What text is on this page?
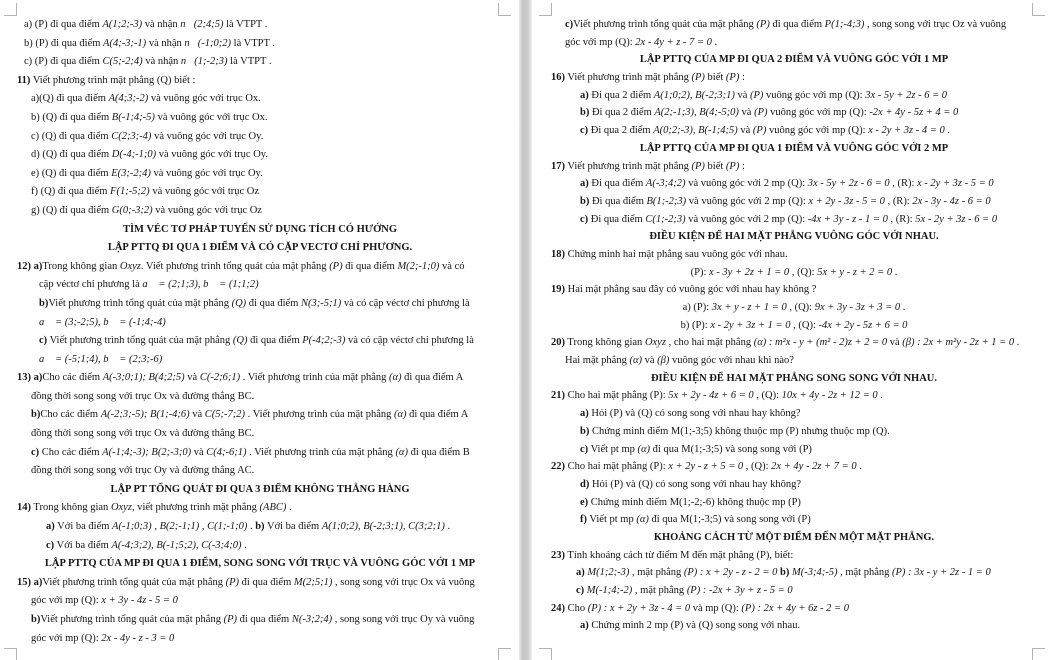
a) (P) đi qua điểm A(1;2;-3) và nhận n⃗(2;4;5) là VTPT .
b) (P) đi qua điểm A(4;-3;-1) và nhận n⃗(-1;0;2) là VTPT .
c) (P) đi qua điểm C(5;-2;4) và nhận n⃗(1;-2;3) là VTPT .
11) Viết phương trình mặt phẳng (Q) biết :
a)(Q) đi qua điểm A(4;3;-2) và vuông góc với trục Ox.
b) (Q) đi qua điểm B(-1;4;-5) và vuông góc với trục Ox.
c) (Q) đi qua điểm C(2;3;-4) và vuông góc với trục Oy.
d) (Q) đi qua điểm D(-4;-1;0) và vuông góc với trục Oy.
e) (Q) đi qua điểm E(3;-2;4) và vuông góc với trục Oy.
f) (Q) đi qua điểm F(1;-5;2) và vuông góc với trục Oz
g) (Q) đi qua điểm G(0;-3;2) và vuông góc với trục Oz
TÌM VÉC TƠ PHÁP TUYẾN SỬ DỤNG TÍCH CÓ HƯỚNG
LẬP PTTQ ĐI QUA 1 ĐIỂM VÀ CÓ CẶP VECTƠ CHỈ PHƯƠNG.
12) a)Trong không gian Oxyz. Viết phương trình tổng quát của mặt phẳng (P) đi qua điểm M(2;-1;0) và có
cặp véctơ chỉ phương là a⃗ = (2;1;3), b⃗ = (1;1;2)
b)Viết phương trình tổng quát của mặt phẳng (Q) đi qua điểm N(3;-5;1) và có cặp véctơ chỉ phương là
a⃗ = (3;-2;5), b⃗ = (-1;4;-4)
c) Viết phương trình tổng quát của mặt phẳng (Q) đi qua điểm P(-4;2;-3) và có cặp véctơ chỉ phương là
a⃗ = (-5;1;4), b⃗ = (2;3;-6)
13) a)Cho các điểm A(-3;0;1); B(4;2;5) và C(-2;6;1) . Viết phương trình của mặt phẳng (α) đi qua điểm A
đồng thời song song với trục Ox và đường thẳng BC.
b)Cho các điểm A(-2;3;-5); B(1;-4;6) và C(5;-7;2) . Viết phương trình của mặt phẳng (α) đi qua điểm A
đồng thời song song với trục Ox và đường thẳng BC.
c) Cho các điểm A(-1;4;-3); B(2;-3;0) và C(4;-6;1) . Viết phương trình của mặt phẳng (α) đi qua điểm B
đồng thời song song với trục Oy và đường thẳng AC.
LẬP PT TỔNG QUÁT ĐI QUA 3 ĐIỂM KHÔNG THẲNG HÀNG
14) Trong không gian Oxyz, viết phương trình mặt phẳng (ABC) .
a) Với ba điểm A(-1;0;3) , B(2;-1;1) , C(1;-1;0) . b) Với ba điểm A(1;0;2), B(-2;3;1), C(3;2;1) .
c) Với ba điểm A(-4;3;2), B(-1;5;2), C(-3;4;0) .
LẬP PTTQ CỦA MP ĐI QUA 1 ĐIỂM, SONG SONG VỚI TRỤC VÀ VUÔNG GÓC VỚI 1 MP
15) a)Viết phương trình tổng quát của mặt phẳng (P) đi qua điểm M(2;5;1) , song song với trục Ox và vuông
góc với mp (Q): x + 3y - 4z - 5 = 0
b)Viết phương trình tổng quát của mặt phẳng (P) đi qua điểm N(-3;2;4) , song song với trục Oy và vuông
góc với mp (Q): 2x - 4y - z - 3 = 0
c)Viết phương trình tổng quát của mặt phẳng (P) đi qua điểm P(1;-4;3) , song song với trục Oz và vuông
góc với mp (Q): 2x - 4y + z - 7 = 0 .
LẬP PTTQ CỦA MP ĐI QUA 2 ĐIỂM VÀ VUÔNG GÓC VỚI 1 MP
16) Viết phương trình mặt phẳng (P) biết (P) :
a) Đi qua 2 điểm A(1;0;2), B(-2;3;1) và (P) vuông góc với mp (Q): 3x - 5y + 2z - 6 = 0
b) Đi qua 2 điểm A(2;-1;3), B(4;-5;0) và (P) vuông góc với mp (Q): -2x + 4y - 5z + 4 = 0
c) Đi qua 2 điểm A(0;2;-3), B(-1;4;5) và (P) vuông góc với mp (Q): x - 2y + 3z - 4 = 0 .
LẬP PTTQ CỦA MP ĐI QUA 1 ĐIỂM VÀ VUÔNG GÓC VỚI 2 MP
17) Viết phương trình mặt phẳng (P) biết (P) :
a) Đi qua điểm A(-3;4;2) và vuông góc với 2 mp (Q): 3x - 5y + 2z - 6 = 0 , (R): x - 2y + 3z - 5 = 0
b) Đi qua điểm B(1;-2;3) và vuông góc với 2 mp (Q): x + 2y - 3z - 5 = 0 , (R): 2x - 3y - 4z - 6 = 0
c) Đi qua điểm C(1;-2;3) và vuông góc với 2 mp (Q): -4x + 3y - z - 1 = 0 , (R): 5x - 2y + 3z - 6 = 0
ĐIỀU KIỆN ĐỂ HAI MẶT PHẲNG VUÔNG GÓC VỚI NHAU.
18) Chứng minh hai mặt phẳng sau vuông góc với nhau.
(P): x - 3y + 2z + 1 = 0 , (Q): 5x + y - z + 2 = 0 .
19) Hai mặt phẳng sau đây có vuông góc với nhau hay không ?
a) (P): 3x + y - z + 1 = 0 , (Q): 9x + 3y - 3z + 3 = 0 .
b) (P): x - 2y + 3z + 1 = 0 , (Q): -4x + 2y - 5z + 6 = 0
20) Trong không gian Oxyz , cho hai mặt phẳng (α) : m²x - y + (m² - 2)z + 2 = 0 và (β) : 2x + m²y - 2z + 1 = 0 .
Hai mặt phẳng (α) và (β) vuông góc với nhau khi nào?
ĐIỀU KIỆN ĐỂ HAI MẶT PHẲNG SONG SONG VỚI NHAU.
21) Cho hai mặt phẳng (P): 5x + 2y - 4z + 6 = 0 , (Q): 10x + 4y - 2z + 12 = 0 .
a) Hỏi (P) và (Q) có song song với nhau hay không?
b) Chứng minh điểm M(1;-3;5) không thuộc mp (P) nhưng thuộc mp (Q).
c) Viết pt mp (α) đi qua M(1;-3;5) và song song với (P)
22) Cho hai mặt phẳng (P): x + 2y - z + 5 = 0 , (Q): 2x + 4y - 2z + 7 = 0 .
d) Hỏi (P) và (Q) có song song với nhau hay không?
e) Chứng minh điểm M(1;-2;-6) không thuộc mp (P)
f) Viết pt mp (α) đi qua M(1;-3;5) và song song với (P)
KHOẢNG CÁCH TỪ MỘT ĐIỂM ĐẾN MỘT MẶT PHẲNG.
23) Tính khoảng cách từ điểm M đến mặt phẳng (P), biết:
a) M(1;2;-3) , mặt phẳng (P) : x + 2y - z - 2 = 0 b) M(-3;4;-5) , mặt phẳng (P) : 3x - y + 2z - 1 = 0
c) M(-1;4;-2) , mặt phẳng (P) : -2x + 3y + z - 5 = 0
24) Cho (P) : x + 2y + 3z - 4 = 0 và mp (Q): (P) : 2x + 4y + 6z - 2 = 0
a) Chứng minh 2 mp (P) và (Q) song song với nhau.
